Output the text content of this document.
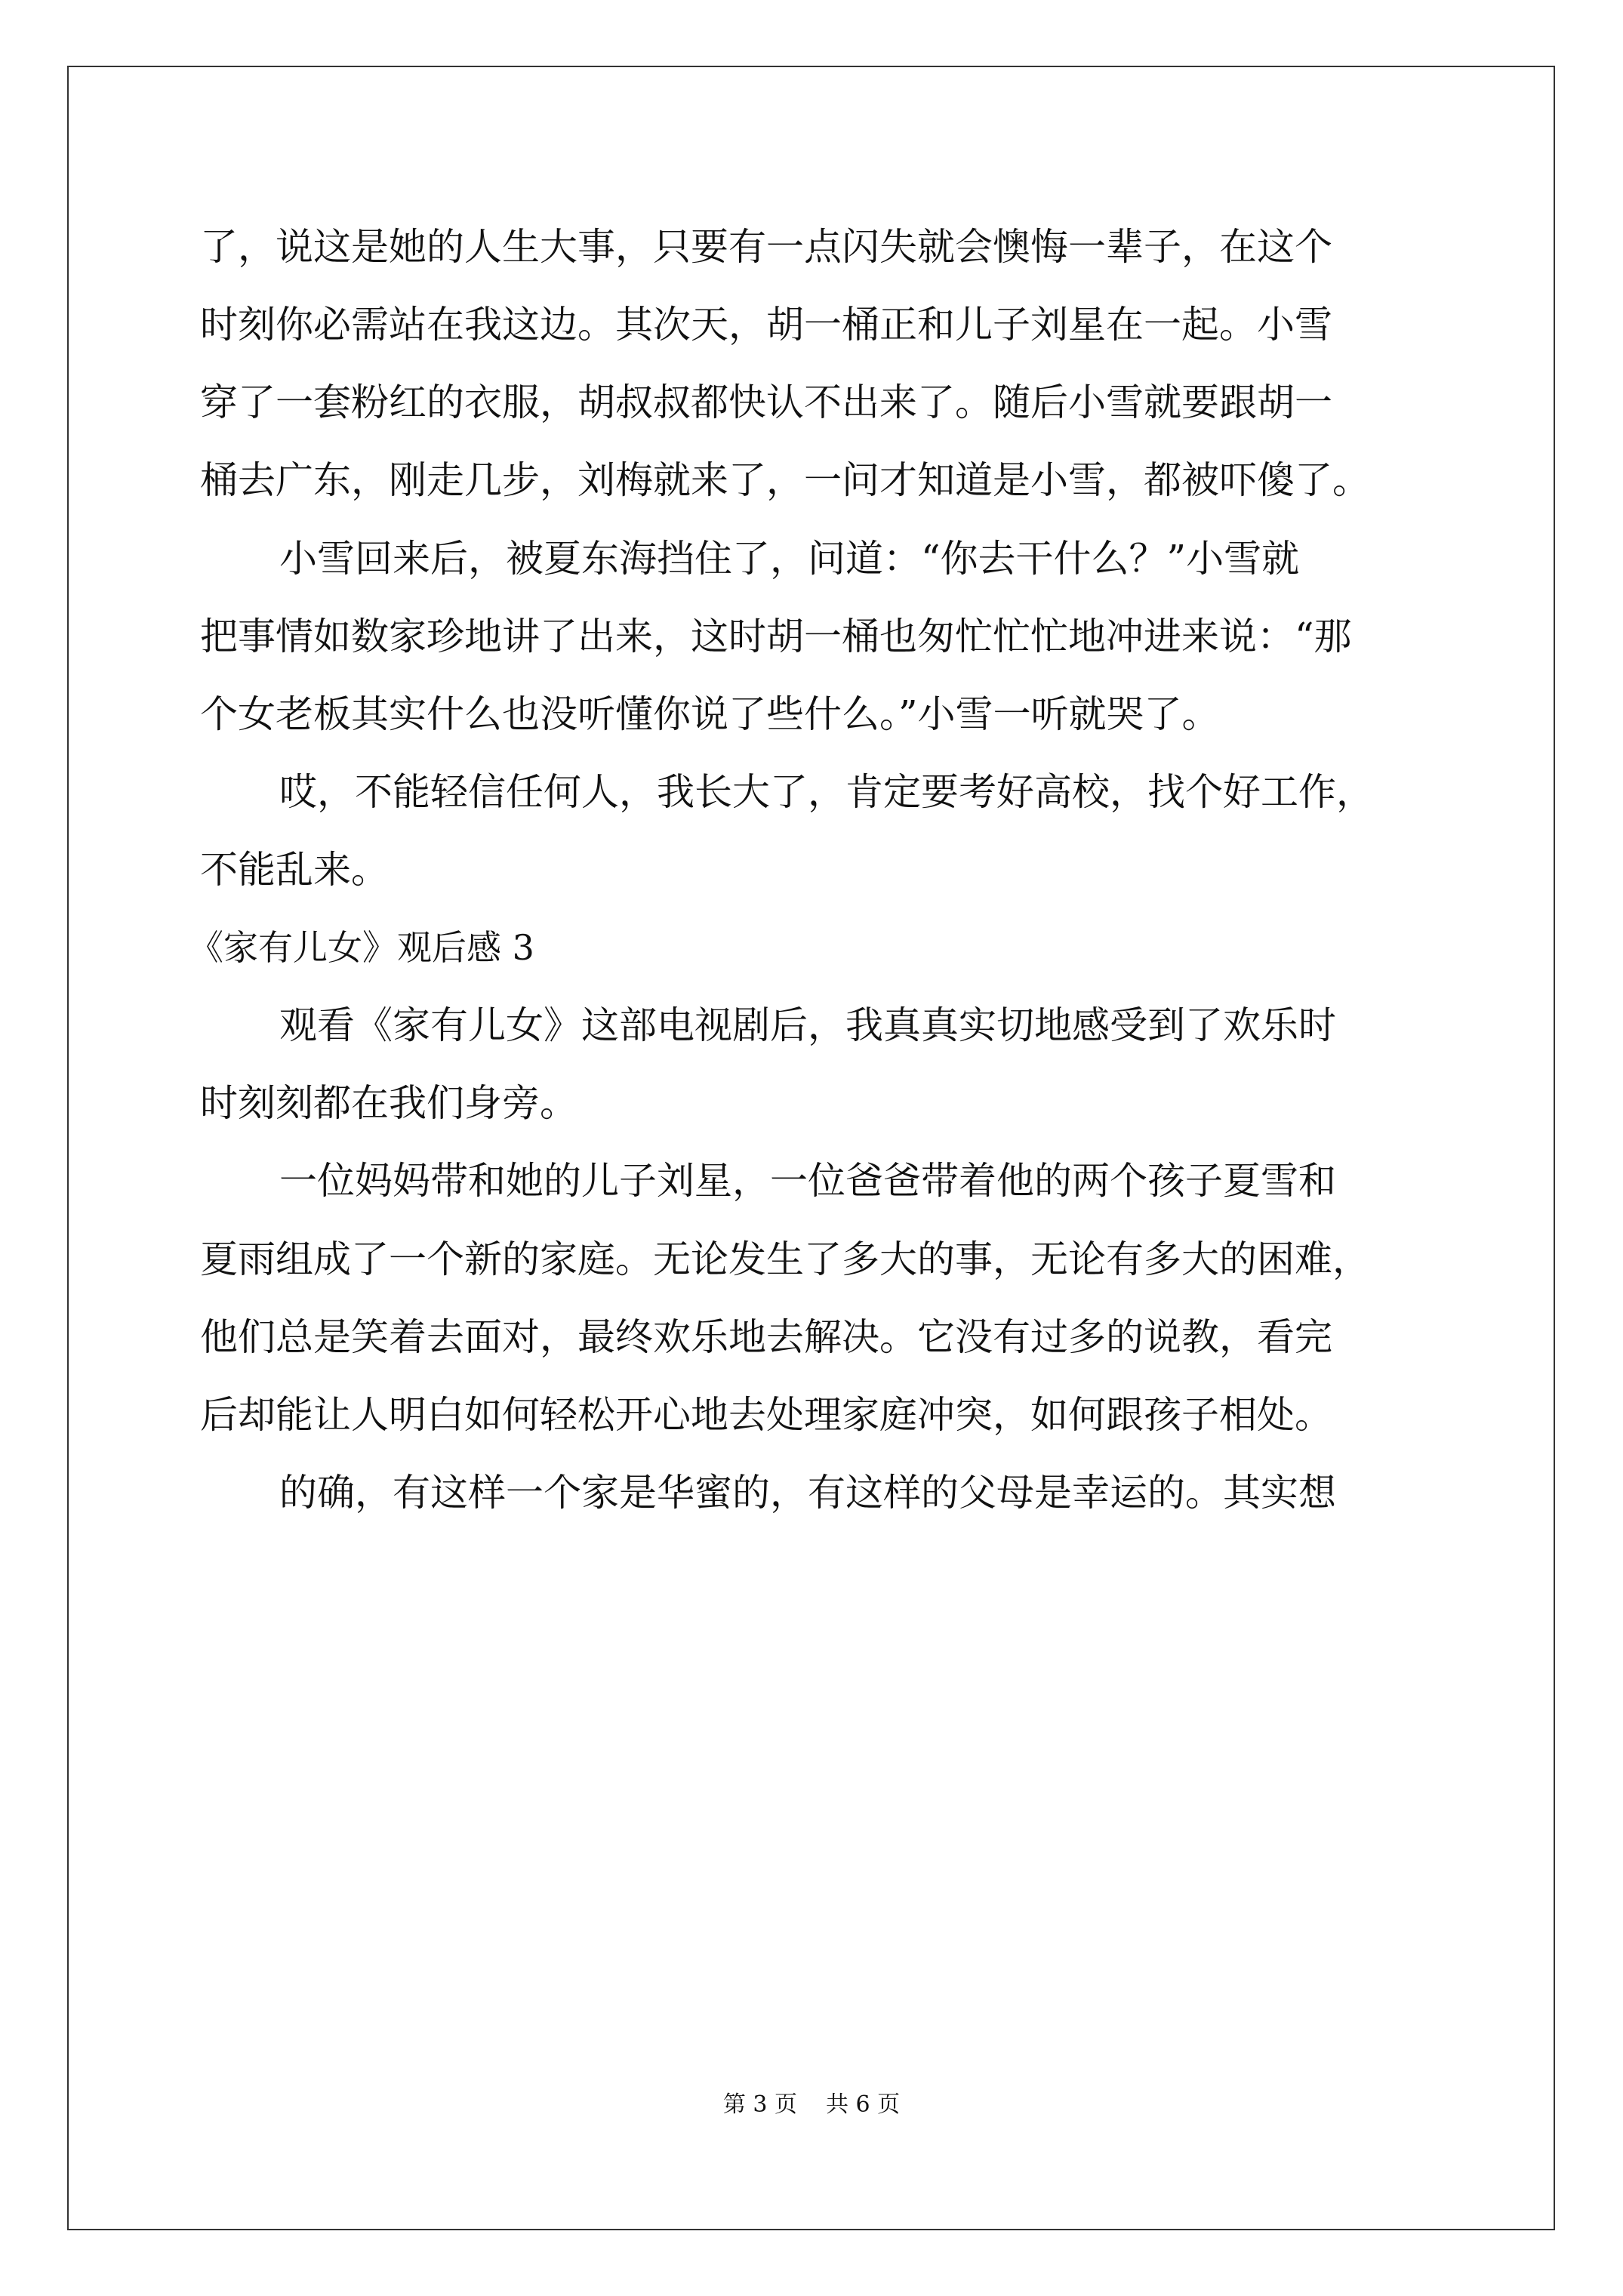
了，说这是她的人生大事，只要有一点闪失就会懊悔一辈子，在这个
时刻你必需站在我这边。其次天，胡一桶正和儿子刘星在一起。小雪
穿了一套粉红的衣服，胡叔叔都快认不出来了。随后小雪就要跟胡一
桶去广东，刚走几步，刘梅就来了，一问才知道是小雪，都被吓傻了。
小雪回来后，被夏东海挡住了，问道：“你去干什么？”小雪就
把事情如数家珍地讲了出来，这时胡一桶也匆忙忙忙地冲进来说：“那
个女老板其实什么也没听懂你说了些什么。”小雪一听就哭了。
哎，不能轻信任何人，我长大了，肯定要考好高校，找个好工作，
不能乱来。
《家有儿女》观后感 3
观看《家有儿女》这部电视剧后，我真真实切地感受到了欢乐时
时刻刻都在我们身旁。
一位妈妈带和她的儿子刘星，一位爸爸带着他的两个孩子夏雪和
夏雨组成了一个新的家庭。无论发生了多大的事，无论有多大的困难，
他们总是笑着去面对，最终欢乐地去解决。它没有过多的说教，看完
后却能让人明白如何轻松开心地去处理家庭冲突，如何跟孩子相处。
的确，有这样一个家是华蜜的，有这样的父母是幸运的。其实想
第 3 页 共 6 页
